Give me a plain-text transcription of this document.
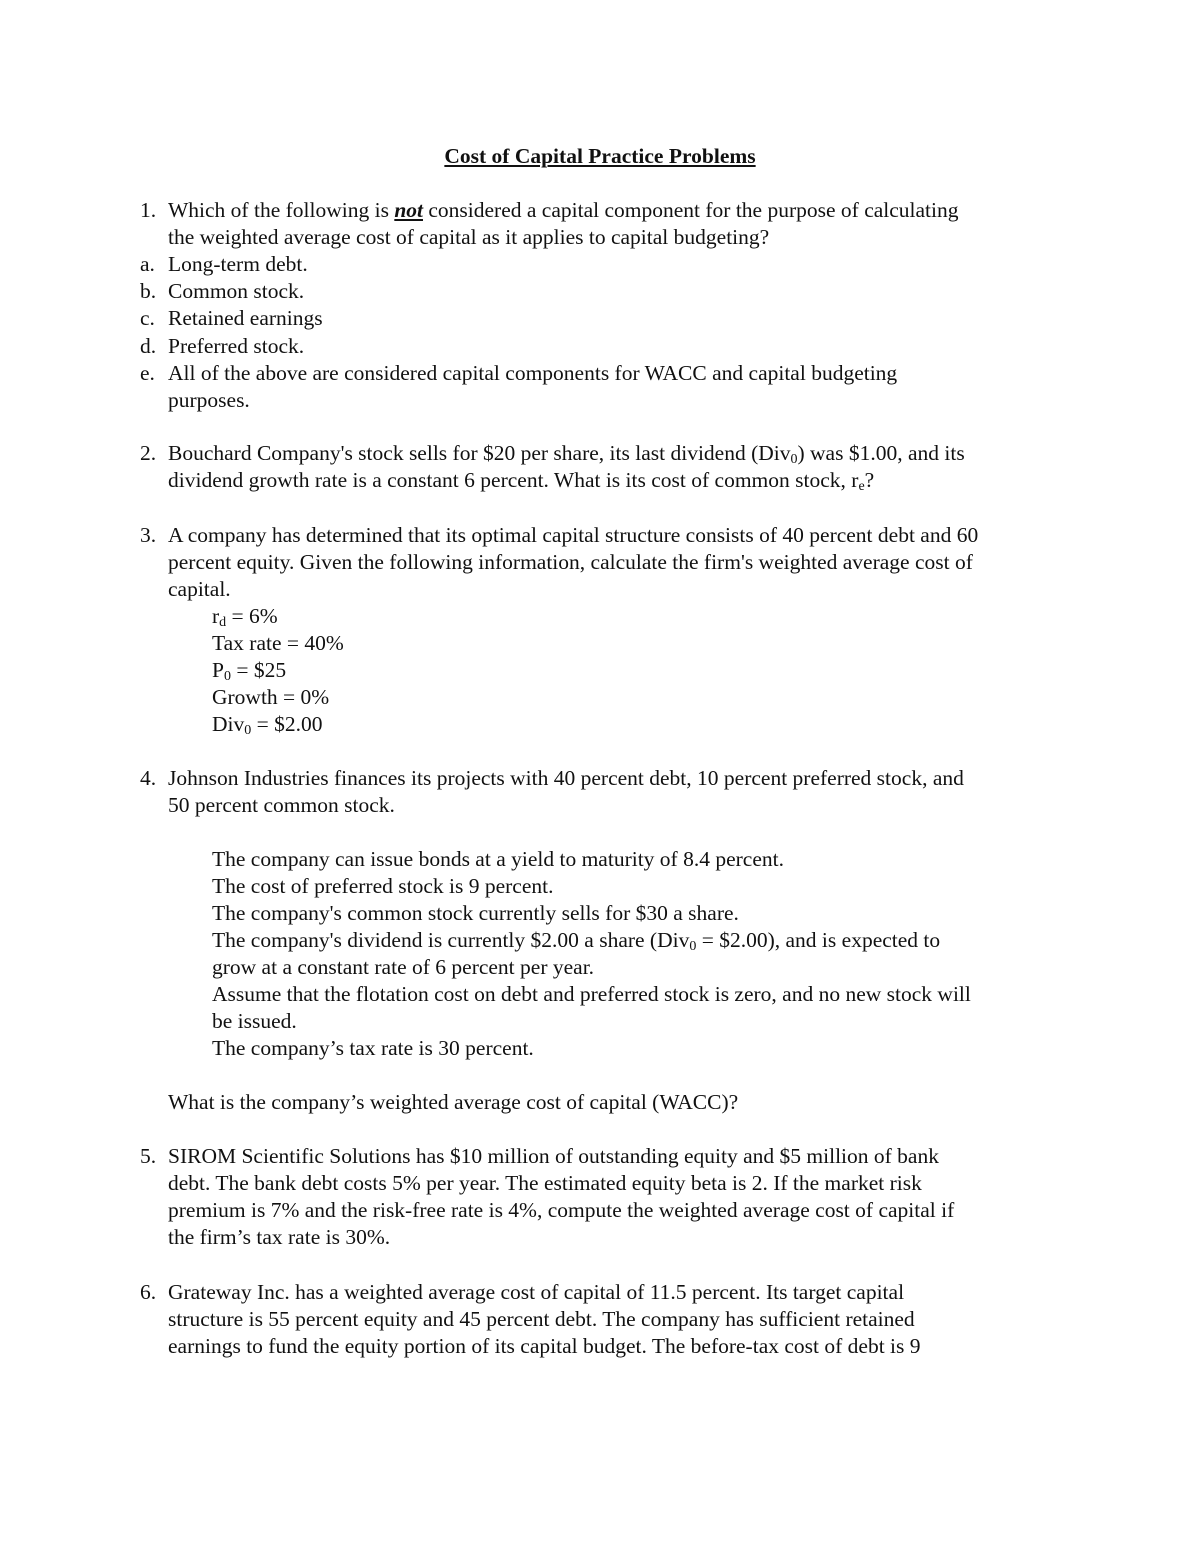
Cost of Capital Practice Problems
1. Which of the following is not considered a capital component for the purpose of calculating
the weighted average cost of capital as it applies to capital budgeting?
a. Long-term debt.
b. Common stock.
c. Retained earnings
d. Preferred stock.
e. All of the above are considered capital components for WACC and capital budgeting
purposes.
2. Bouchard Company's stock sells for $20 per share, its last dividend (Div$_0$) was $1.00, and its
dividend growth rate is a constant 6 percent. What is its cost of common stock, $r_e$?
3. A company has determined that its optimal capital structure consists of 40 percent debt and 60
percent equity. Given the following information, calculate the firm's weighted average cost of
capital.
$r_d = 6\%$
Tax rate = 40%
$P_0$ = $25
Growth = 0%
Div$_0$ = $2.00
4. Johnson Industries finances its projects with 40 percent debt, 10 percent preferred stock, and
50 percent common stock.
The company can issue bonds at a yield to maturity of 8.4 percent.
The cost of preferred stock is 9 percent.
The company's common stock currently sells for $30 a share.
The company's dividend is currently $2.00 a share (Div$_0$ = $2.00), and is expected to
grow at a constant rate of 6 percent per year.
Assume that the flotation cost on debt and preferred stock is zero, and no new stock will
be issued.
The company’s tax rate is 30 percent.
What is the company’s weighted average cost of capital (WACC)?
5. SIROM Scientific Solutions has $10 million of outstanding equity and $5 million of bank
debt. The bank debt costs 5% per year. The estimated equity beta is 2. If the market risk
premium is 7% and the risk-free rate is 4%, compute the weighted average cost of capital if
the firm’s tax rate is 30%.
6. Grateway Inc. has a weighted average cost of capital of 11.5 percent. Its target capital
structure is 55 percent equity and 45 percent debt. The company has sufficient retained
earnings to fund the equity portion of its capital budget. The before-tax cost of debt is 9
